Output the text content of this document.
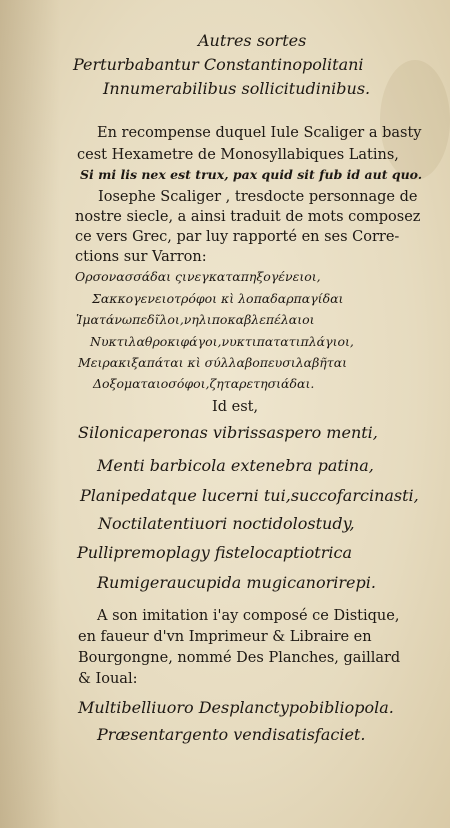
Autres sortes
Perturbabantur Constantinopolitani
Innumerabilibus sollicitudinibus.
En recompense duquel Iule Scaliger a basty
cest Hexametre de Monosyllabiques Latins,
Si mi lis nex est trux, pax quid sit fub id aut quo.
Iosephe Scaliger , tresdocte personnage de
nostre siecle, a ainsi traduit de mots composez
ce vers Grec, par luy rapporté en ses Corre-
ctions sur Varron:
Ορσονασσάδαι ςινεγκαταπηξογένειοι,
Σακκογενειοτρόφοι κὶ λοπαδαρπαγίδαι
Ἱματάνωπεδῖλοι,νηλιποκαβλεπέλαιοι
Νυκτιλαθροκιφάγοι,νυκτιπατατιπλάγιοι,
Μειρακιξαπάται κὶ σύλλαβοπευσιλαβῆται
Δοξοματαιοσόφοι,ζηταρετησιάδαι.
Id est,
Silonicaperonas vibrissaspero menti,
Menti barbicola extenebra patina,
Planipedatque lucerni tui,succofarcinasti,
Noctilatentiuori noctidolostudy,
Pullipremoplagy fistelocaptiotrica
Rumigeraucupida mugicanorirepi.
A son imitation i'ay composé ce Distique,
en faueur d'vn Imprimeur & Libraire en
Bourgongne, nommé Des Planches, gaillard
& Ioual:
Multibelliuoro Desplanctypobibliopola.
Præsentargento vendisatisfaciet.
